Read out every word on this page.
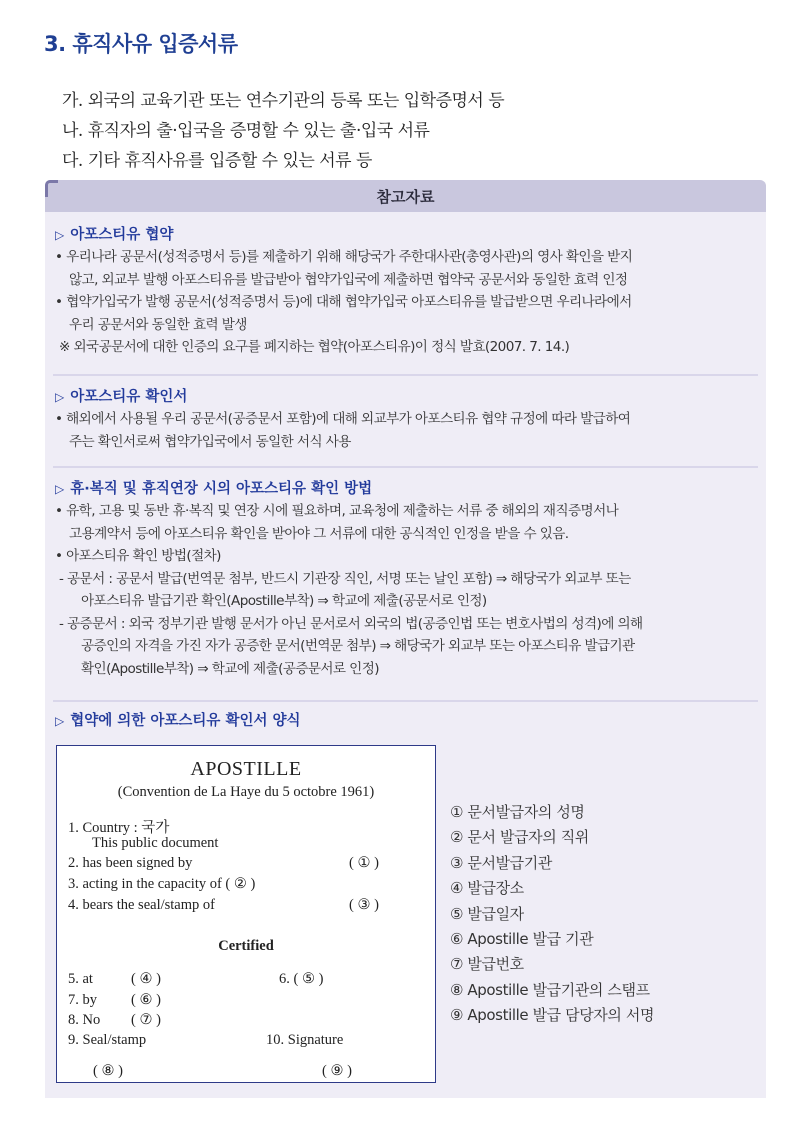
3. 휴직사유 입증서류
가. 외국의 교육기관 또는 연수기관의 등록 또는 입학증명서 등
나. 휴직자의 출·입국을 증명할 수 있는 출·입국 서류
다. 기타 휴직사유를 입증할 수 있는 서류 등
참고자료
▷ 아포스티유 협약
• 우리나라 공문서(성적증명서 등)를 제출하기 위해 해당국가 주한대사관(총영사관)의 영사 확인을 받지
않고, 외교부 발행 아포스티유를 발급받아 협약가입국에 제출하면 협약국 공문서와 동일한 효력 인정
• 협약가입국가 발행 공문서(성적증명서 등)에 대해 협약가입국 아포스티유를 발급받으면 우리나라에서
우리 공문서와 동일한 효력 발생
※ 외국공문서에 대한 인증의 요구를 폐지하는 협약(아포스티유)이 정식 발효(2007. 7. 14.)
▷ 아포스티유 확인서
• 해외에서 사용될 우리 공문서(공증문서 포함)에 대해 외교부가 아포스티유 협약 규정에 따라 발급하여
주는 확인서로써 협약가입국에서 동일한 서식 사용
▷ 휴·복직 및 휴직연장 시의 아포스티유 확인 방법
• 유학, 고용 및 동반 휴·복직 및 연장 시에 필요하며, 교육청에 제출하는 서류 중 해외의 재직증명서나
고용계약서 등에 아포스티유 확인을 받아야 그 서류에 대한 공식적인 인정을 받을 수 있음.
• 아포스티유 확인 방법(절차)
- 공문서 : 공문서 발급(번역문 첨부, 반드시 기관장 직인, 서명 또는 날인 포함) ⇒ 해당국가 외교부 또는
아포스티유 발급기관 확인(Apostille부착) ⇒ 학교에 제출(공문서로 인정)
- 공증문서 : 외국 정부기관 발행 문서가 아닌 문서로서 외국의 법(공증인법 또는 변호사법의 성격)에 의해
공증인의 자격을 가진 자가 공증한 문서(번역문 첨부) ⇒ 해당국가 외교부 또는 아포스티유 발급기관
확인(Apostille부착) ⇒ 학교에 제출(공증문서로 인정)
▷ 협약에 의한 아포스티유 확인서 양식
APOSTILLE
(Convention de La Haye du 5 octobre 1961)
1. Country : 국가
This public document
2. has been signed by	( ① )
3. acting in the capacity of ( ② )
4. bears the seal/stamp of	( ③ )
Certified
5. at	( ④ )	6. ( ⑤ )
7. by ( ⑥ )
8. No ( ⑦ )
9. Seal/stamp	10. Signature
( ⑧ )	( ⑨ )
① 문서발급자의 성명
② 문서 발급자의 직위
③ 문서발급기관
④ 발급장소
⑤ 발급일자
⑥ Apostille 발급 기관
⑦ 발급번호
⑧ Apostille 발급기관의 스탬프
⑨ Apostille 발급 담당자의 서명
